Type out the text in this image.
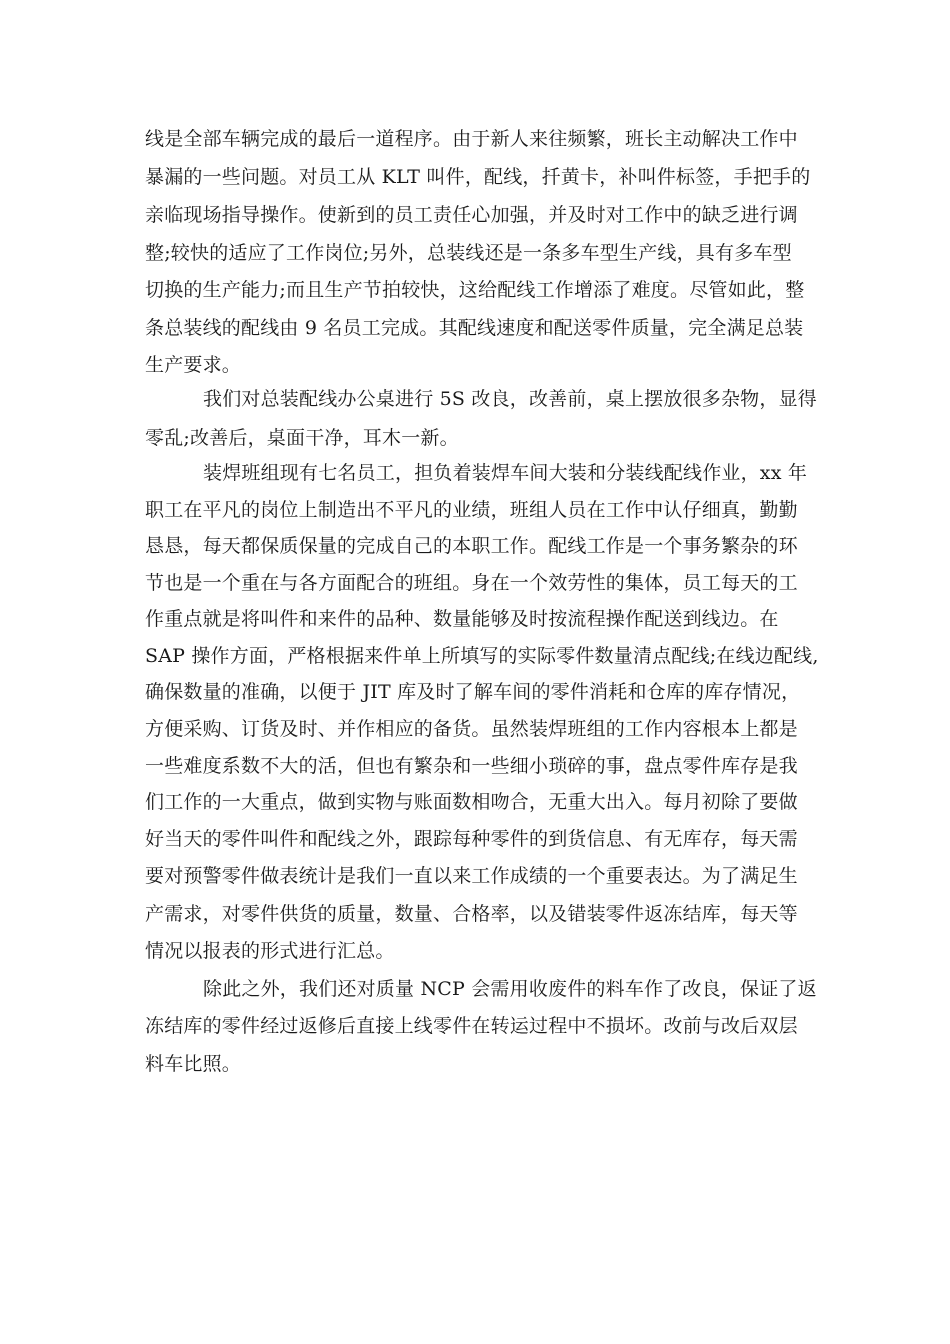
线是全部车辆完成的最后一道程序。由于新人来往频繁，班长主动解决工作中

暴漏的一些问题。对员工从 KLT 叫件，配线，扦黄卡，补叫件标签，手把手的

亲临现场指导操作。使新到的员工责任心加强，并及时对工作中的缺乏进行调

整;较快的适应了工作岗位;另外，总装线还是一条多车型生产线，具有多车型

切换的生产能力;而且生产节拍较快，这给配线工作增添了难度。尽管如此，整

条总装线的配线由 9 名员工完成。其配线速度和配送零件质量，完全满足总装

生产要求。

我们对总装配线办公桌进行 5S 改良，改善前，桌上摆放很多杂物，显得

零乱;改善后，桌面干净，耳木一新。

装焊班组现有七名员工，担负着装焊车间大装和分装线配线作业，xx 年

职工在平凡的岗位上制造出不平凡的业绩，班组人员在工作中认仔细真，勤勤

恳恳，每天都保质保量的完成自己的本职工作。配线工作是一个事务繁杂的环

节也是一个重在与各方面配合的班组。身在一个效劳性的集体，员工每天的工

作重点就是将叫件和来件的品种、数量能够及时按流程操作配送到线边。在

SAP 操作方面，严格根据来件单上所填写的实际零件数量清点配线;在线边配线,

确保数量的准确，以便于 JIT 库及时了解车间的零件消耗和仓库的库存情况，

方便采购、订货及时、并作相应的备货。虽然装焊班组的工作内容根本上都是

一些难度系数不大的活，但也有繁杂和一些细小琐碎的事，盘点零件库存是我

们工作的一大重点，做到实物与账面数相吻合，无重大出入。每月初除了要做

好当天的零件叫件和配线之外，跟踪每种零件的到货信息、有无库存，每天需

要对预警零件做表统计是我们一直以来工作成绩的一个重要表达。为了满足生

产需求，对零件供货的质量，数量、合格率，以及错装零件返冻结库，每天等

情况以报表的形式进行汇总。

除此之外，我们还对质量 NCP 会需用收废件的料车作了改良，保证了返

冻结库的零件经过返修后直接上线零件在转运过程中不损坏。改前与改后双层

料车比照。
